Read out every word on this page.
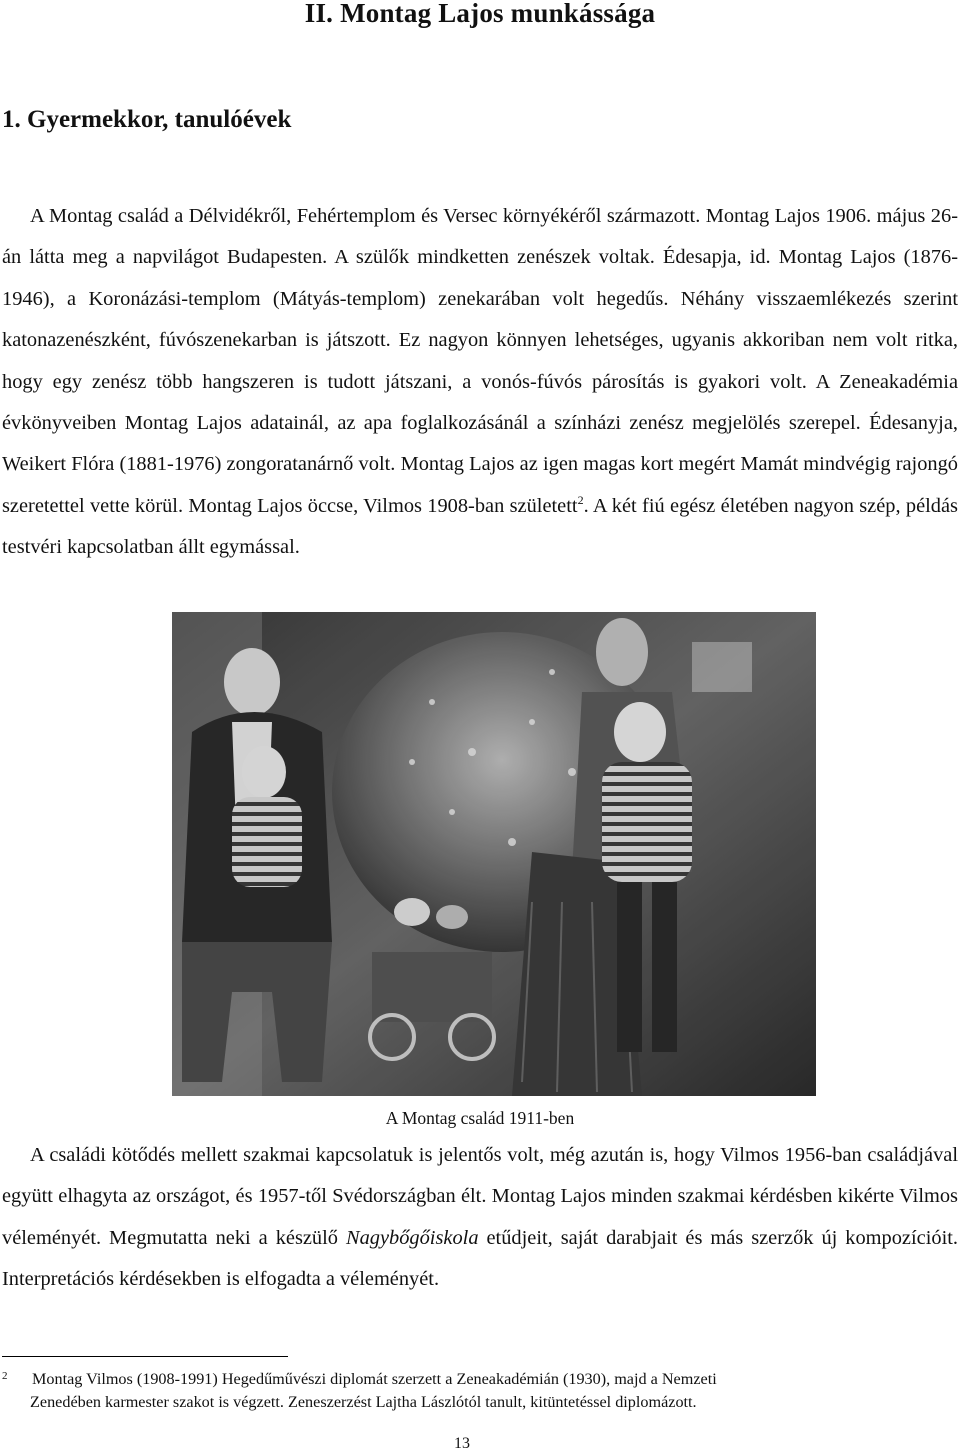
II. Montag Lajos munkássága
1. Gyermekkor, tanulóévek

A Montag család a Délvidékről, Fehértemplom és Versec környékéről származott. Montag Lajos 1906. május 26-án látta meg a napvilágot Budapesten. A szülők mindketten zenészek voltak. Édesapja, id. Montag Lajos (1876-1946), a Koronázási-templom (Mátyás-templom) zenekarában volt hegedűs. Néhány visszaemlékezés szerint katonazenészként, fúvószenekarban is játszott. Ez nagyon könnyen lehetséges, ugyanis akkoriban nem volt ritka, hogy egy zenész több hangszeren is tudott játszani, a vonós-fúvós párosítás is gyakori volt. A Zeneakadémia évkönyveiben Montag Lajos adatainál, az apa foglalkozásánál a színházi zenész megjelölés szerepel. Édesanyja, Weikert Flóra (1881-1976) zongoratanárnő volt. Montag Lajos az igen magas kort megért Mamát mindvégig rajongó szeretettel vette körül. Montag Lajos öccse, Vilmos 1908-ban született$^2$. A két fiú egész életében nagyon szép, példás testvéri kapcsolatban állt egymással.

A Montag család 1911-ben

A családi kötődés mellett szakmai kapcsolatuk is jelentős volt, még azután is, hogy Vilmos 1956-ban családjával együtt elhagyta az országot, és 1957-től Svédországban élt. Montag Lajos minden szakmai kérdésben kikérte Vilmos véleményét. Megmutatta neki a készülő Nagybőgőiskola etűdjeit, saját darabjait és más szerzők új kompozícióit. Interpretációs kérdésekben is elfogadta a véleményét.

2	Montag Vilmos (1908-1991) Hegedűművészi diplomát szerzett a Zeneakadémián (1930), majd a Nemzeti
Zenedében karmester szakot is végzett. Zeneszerzést Lajtha Lászlótól tanult, kitüntetéssel diplomázott.

13
